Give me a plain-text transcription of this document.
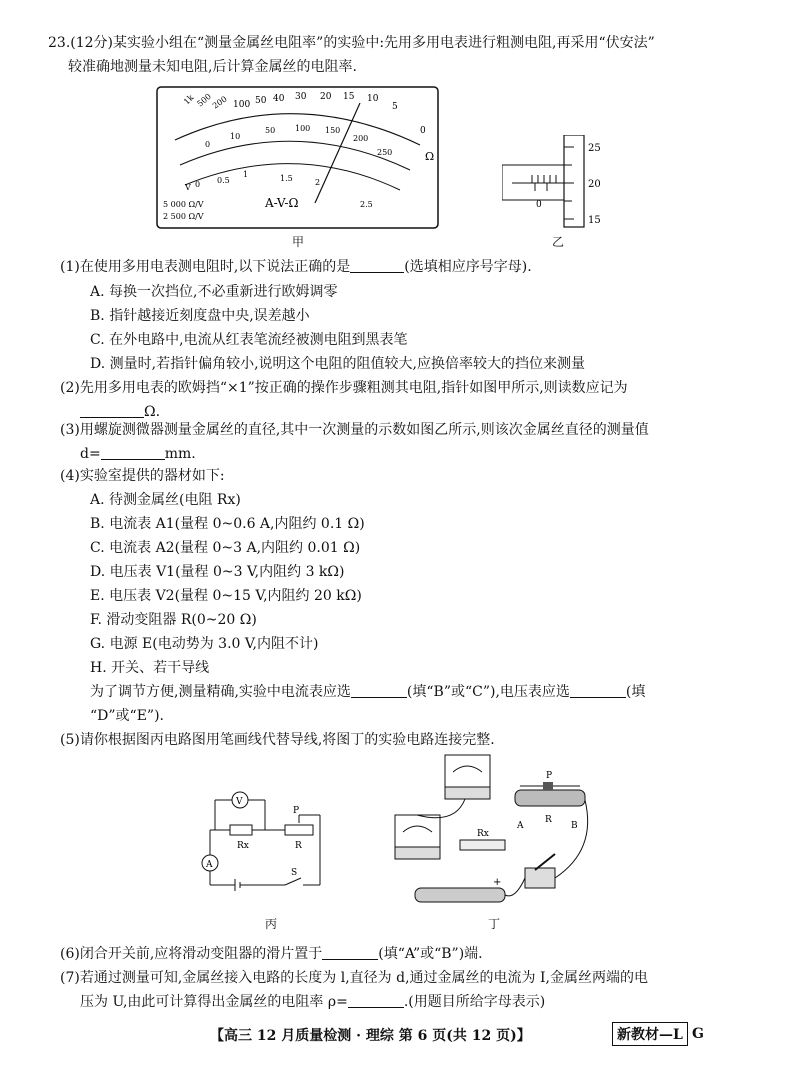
23.(12分)某实验小组在“测量金属丝电阻率”的实验中:先用多用电表进行粗测电阻,再采用“伏安法”
较准确地测量未知电阻,后计算金属丝的电阻率.
100 50 40 30 20 15 10
5
0
Ω
1k 500
200
0
10
50 100 150
200
250
1.5	2
2.5
0 0.5
1
V
A-V-Ω
5 000 Ω/V
2 500 Ω/V
甲
25
20
15
0
乙
(1)在使用多用电表测电阻时,以下说法正确的是	(选填相应序号字母).
A. 每换一次挡位,不必重新进行欧姆调零
B. 指针越接近刻度盘中央,误差越小
C. 在外电路中,电流从红表笔流经被测电阻到黑表笔
D. 测量时,若指针偏角较小,说明这个电阻的阻值较大,应换倍率较大的挡位来测量
(2)先用多用电表的欧姆挡“×1”按正确的操作步骤粗测其电阻,指针如图甲所示,则读数应记为
Ω.
(3)用螺旋测微器测量金属丝的直径,其中一次测量的示数如图乙所示,则该次金属丝直径的测量值
d=	mm.
(4)实验室提供的器材如下:
A. 待测金属丝(电阻 Rx)
B. 电流表 A1(量程 0~0.6 A,内阻约 0.1 Ω)
C. 电流表 A2(量程 0~3 A,内阻约 0.01 Ω)
D. 电压表 V1(量程 0~3 V,内阻约 3 kΩ)
E. 电压表 V2(量程 0~15 V,内阻约 20 kΩ)
F. 滑动变阻器 R(0~20 Ω)
G. 电源 E(电动势为 3.0 V,内阻不计)
H. 开关、若干导线
为了调节方便,测量精确,实验中电流表应选	(填“B”或“C”),电压表应选	(填
“D”或“E”).
(5)请你根据图丙电路图用笔画线代替导线,将图丁的实验电路连接完整.
V
Rx	R
P
A
S
丙
Rx
P
A
R
B
+
丁
(6)闭合开关前,应将滑动变阻器的滑片置于	(填“A”或“B”)端.
(7)若通过测量可知,金属丝接入电路的长度为 l,直径为 d,通过金属丝的电流为 I,金属丝两端的电
压为 U,由此可计算得出金属丝的电阻率 ρ=	.(用题目所给字母表示)
【高三 12 月质量检测 · 理综 第 6 页(共 12 页)】	新教材—L G
